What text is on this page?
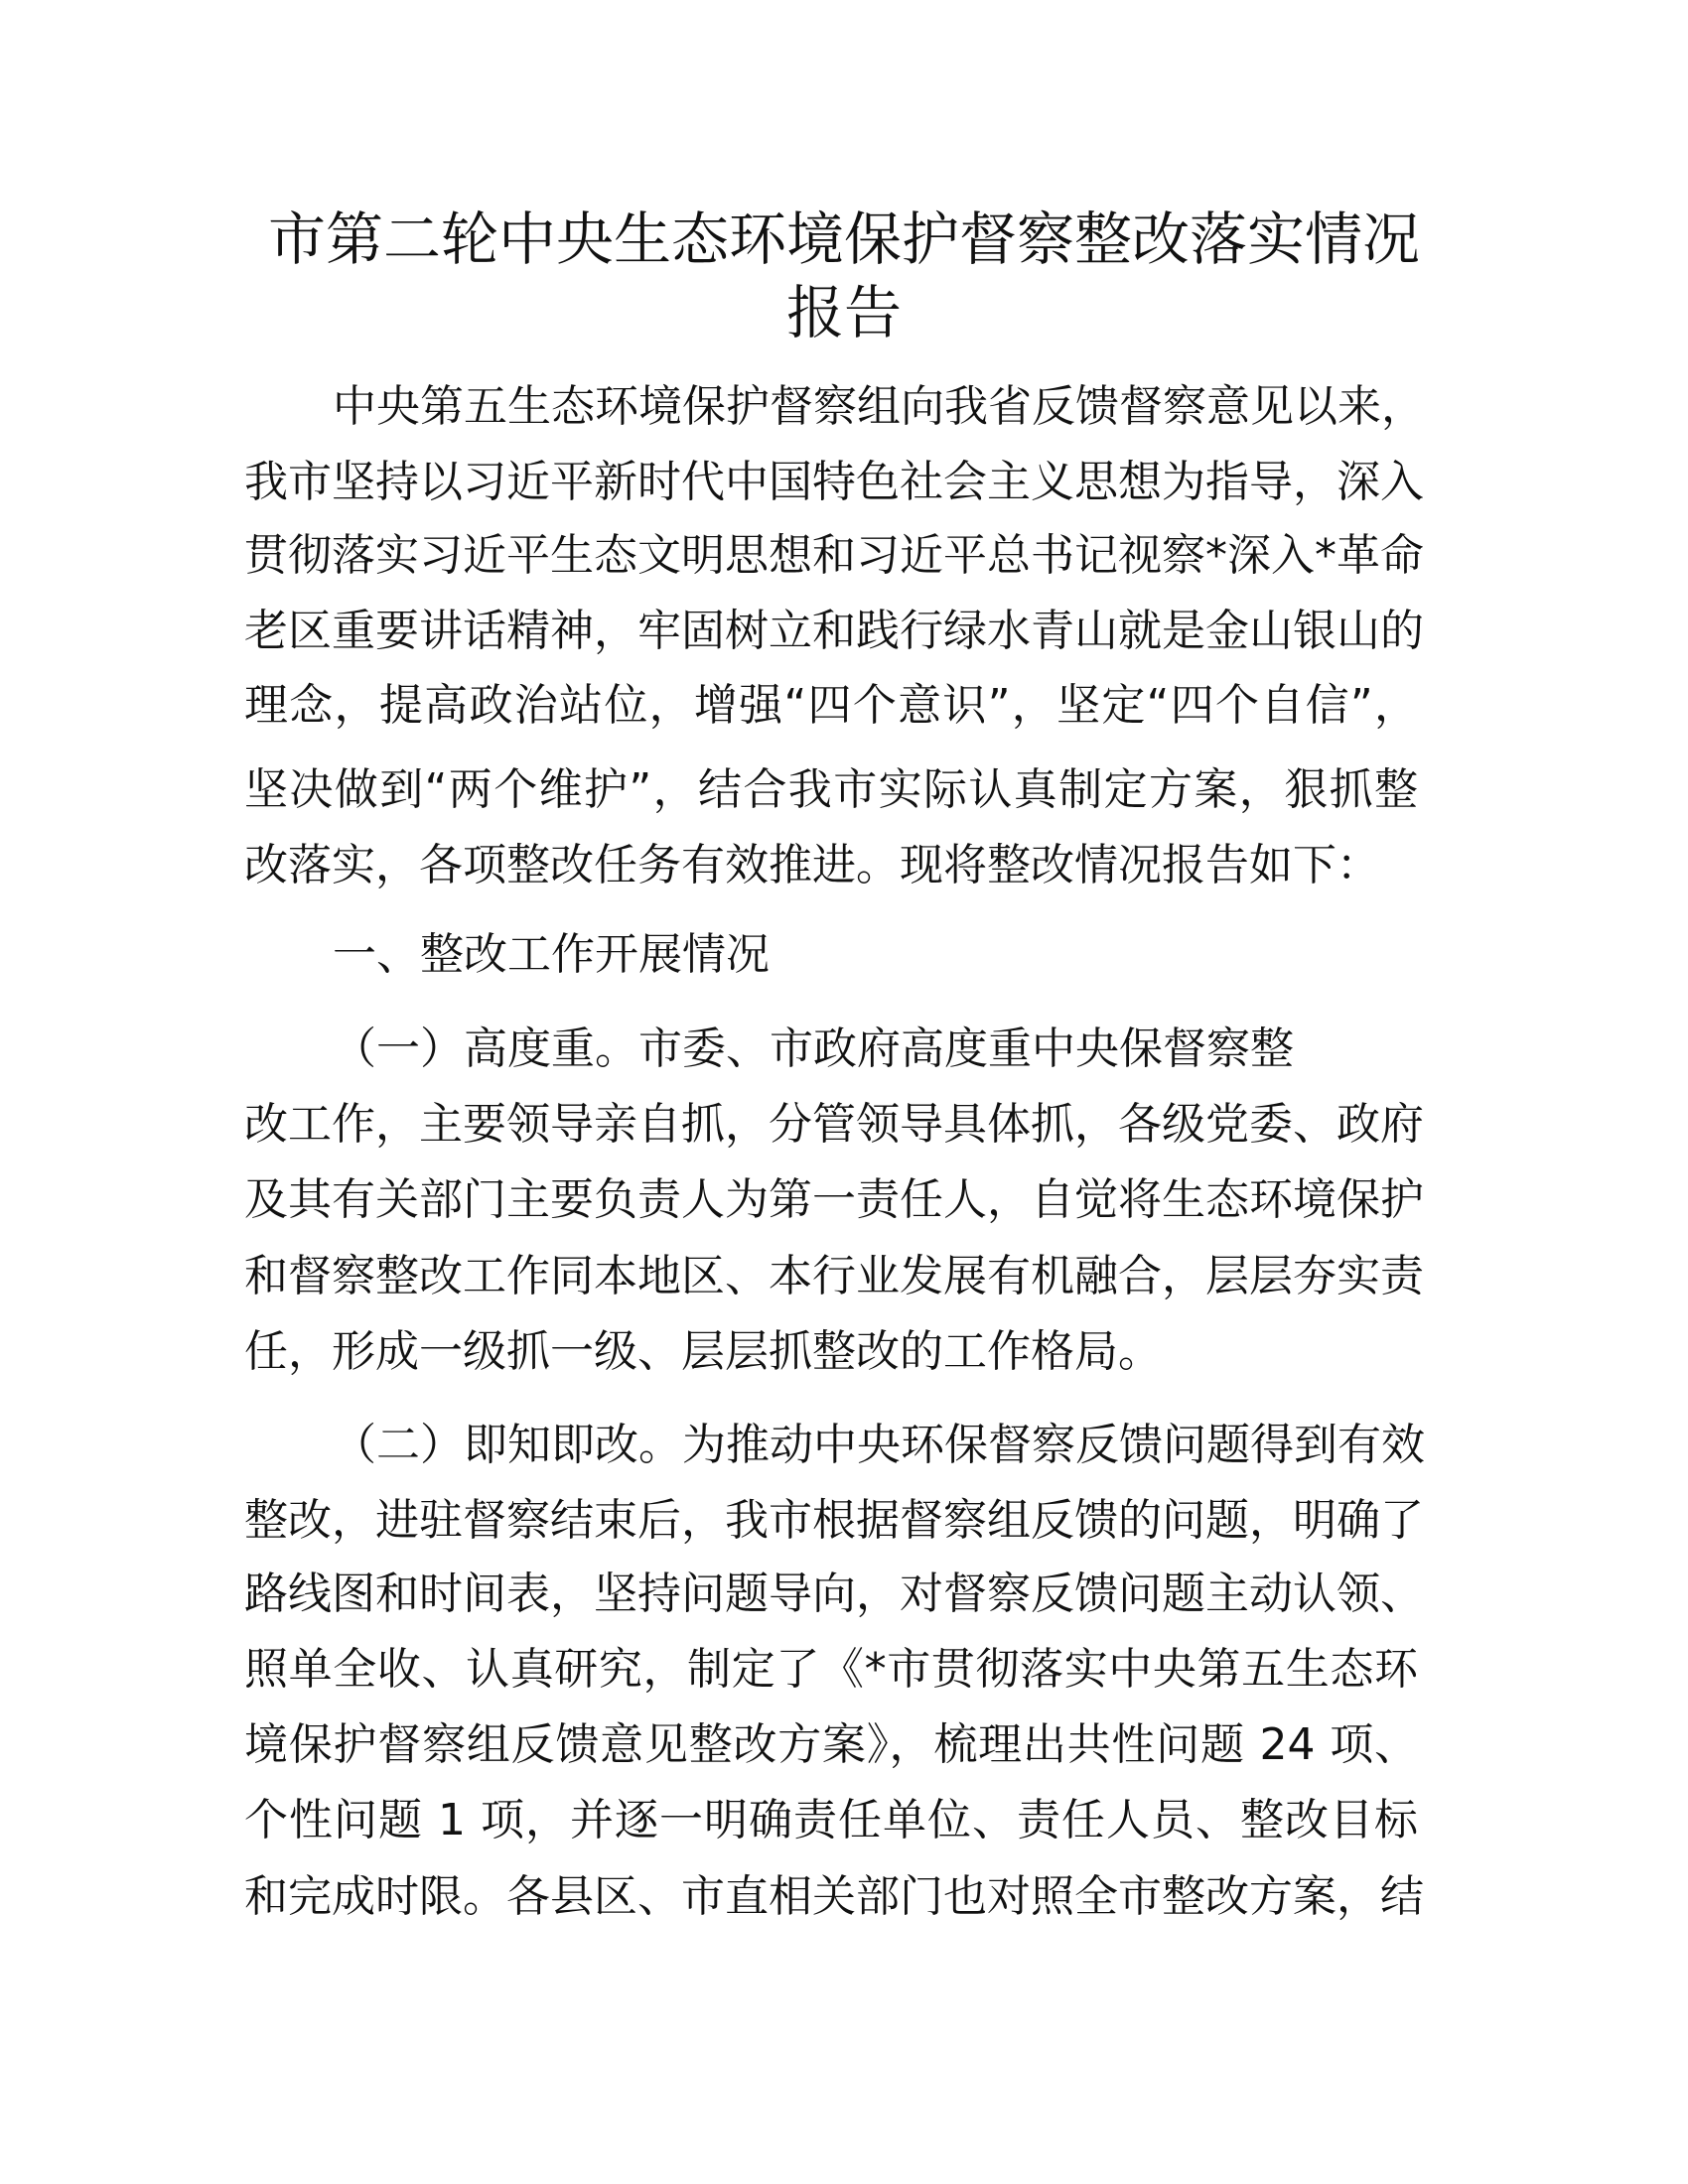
市第二轮中央生态环境保护督察整改落实情况
报告
中央第五生态环境保护督察组向我省反馈督察意见以来，
我市坚持以习近平新时代中国特色社会主义思想为指导，深入
贯彻落实习近平生态文明思想和习近平总书记视察*深入*革命
老区重要讲话精神，牢固树立和践行绿水青山就是金山银山的
理念，提高政治站位，增强“四个意识”，坚定“四个自信”，
坚决做到“两个维护”，结合我市实际认真制定方案，狠抓整
改落实，各项整改任务有效推进。现将整改情况报告如下：
一、整改工作开展情况
（一）高度重。市委、市政府高度重中央保督察整
改工作，主要领导亲自抓，分管领导具体抓，各级党委、政府
及其有关部门主要负责人为第一责任人，自觉将生态环境保护
和督察整改工作同本地区、本行业发展有机融合，层层夯实责
任，形成一级抓一级、层层抓整改的工作格局。
（二）即知即改。为推动中央环保督察反馈问题得到有效
整改，进驻督察结束后，我市根据督察组反馈的问题，明确了
路线图和时间表，坚持问题导向，对督察反馈问题主动认领、
照单全收、认真研究，制定了《*市贯彻落实中央第五生态环
境保护督察组反馈意见整改方案》，梳理出共性问题 24 项、
个性问题 1 项，并逐一明确责任单位、责任人员、整改目标
和完成时限。各县区、市直相关部门也对照全市整改方案，结
